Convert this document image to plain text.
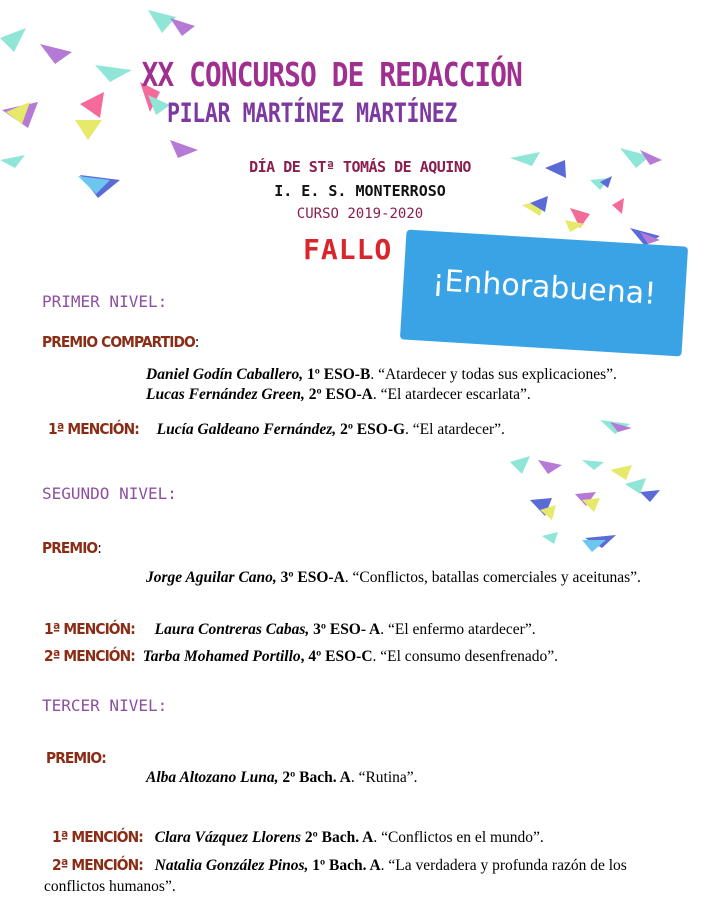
XX CONCURSO DE REDACCIÓN
PILAR MARTÍNEZ MARTÍNEZ
DÍA DE STª TOMÁS DE AQUINO
I. E. S. MONTERROSO
CURSO 2019-2020
FALLO
¡Enhorabuena!
PRIMER NIVEL:
PREMIO COMPARTIDO:
Daniel Godín Caballero, 1º ESO-B. “Atardecer y todas sus explicaciones”.
Lucas Fernández Green, 2º ESO-A. “El atardecer escarlata”.
1ª MENCIÓN: Lucía Galdeano Fernández, 2º ESO-G. “El atardecer”.
SEGUNDO NIVEL:
PREMIO:
Jorge Aguilar Cano, 3º ESO-A. “Conflictos, batallas comerciales y aceitunas”.
1ª MENCIÓN: Laura Contreras Cabas, 3º ESO- A. “El enfermo atardecer”.
2ª MENCIÓN: Tarba Mohamed Portillo, 4º ESO-C. “El consumo desenfrenado”.
TERCER NIVEL:
PREMIO:
Alba Altozano Luna, 2º Bach. A. “Rutina”.
1ª MENCIÓN: Clara Vázquez Llorens 2º Bach. A. “Conflictos en el mundo”.
2ª MENCIÓN: Natalia González Pinos, 1º Bach. A. “La verdadera y profunda razón de los
conflictos humanos”.
